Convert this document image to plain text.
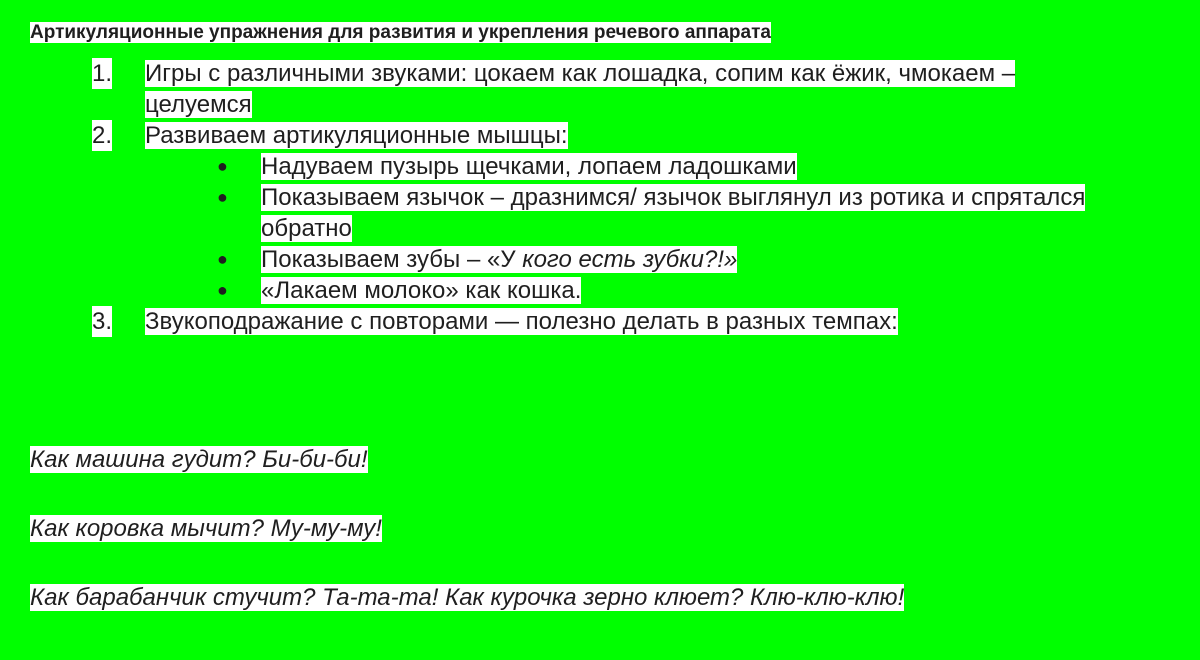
Артикуляционные упражнения для развития и укрепления речевого аппарата
1. Игры с различными звуками: цокаем как лошадка, сопим как ёжик, чмокаем – целуемся
2. Развиваем артикуляционные мышцы:
● Надуваем пузырь щечками, лопаем ладошками
● Показываем язычок – дразнимся/ язычок выглянул из ротика и спрятался обратно
● Показываем зубы – «У кого есть зубки?!»
● «Лакаем молоко» как кошка.
3. Звукоподражание с повторами — полезно делать в разных темпах:

Как машина гудит? Би-би-би!

Как коровка мычит? Му-му-му!

Как барабанчик стучит? Та-та-та! Как курочка зерно клюет? Клю-клю-клю!
